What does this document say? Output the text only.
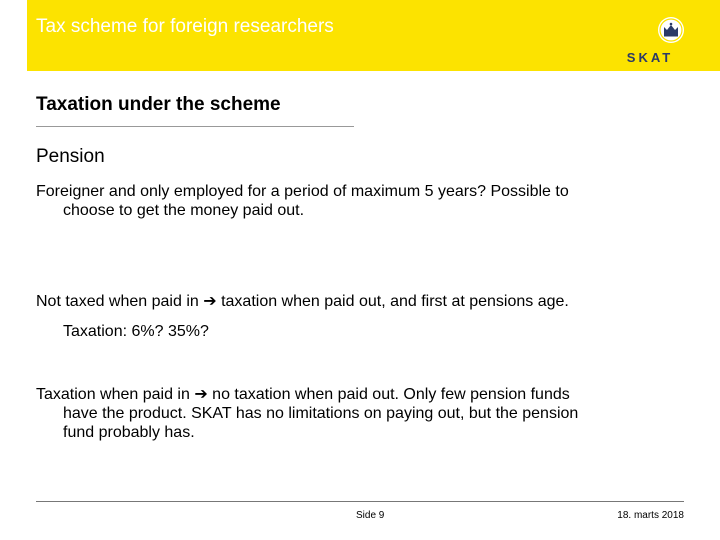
Tax scheme for foreign researchers
SKAT
Taxation under the scheme
Pension
Foreigner and only employed for a period of maximum 5 years? Possible to
choose to get the money paid out.
Not taxed when paid in ➔ taxation when paid out, and first at pensions age.
Taxation: 6%? 35%?
Taxation when paid in ➔ no taxation when paid out. Only few pension funds
have the product. SKAT has no limitations on paying out, but the pension
fund probably has.
Side 9	18. marts 2018
